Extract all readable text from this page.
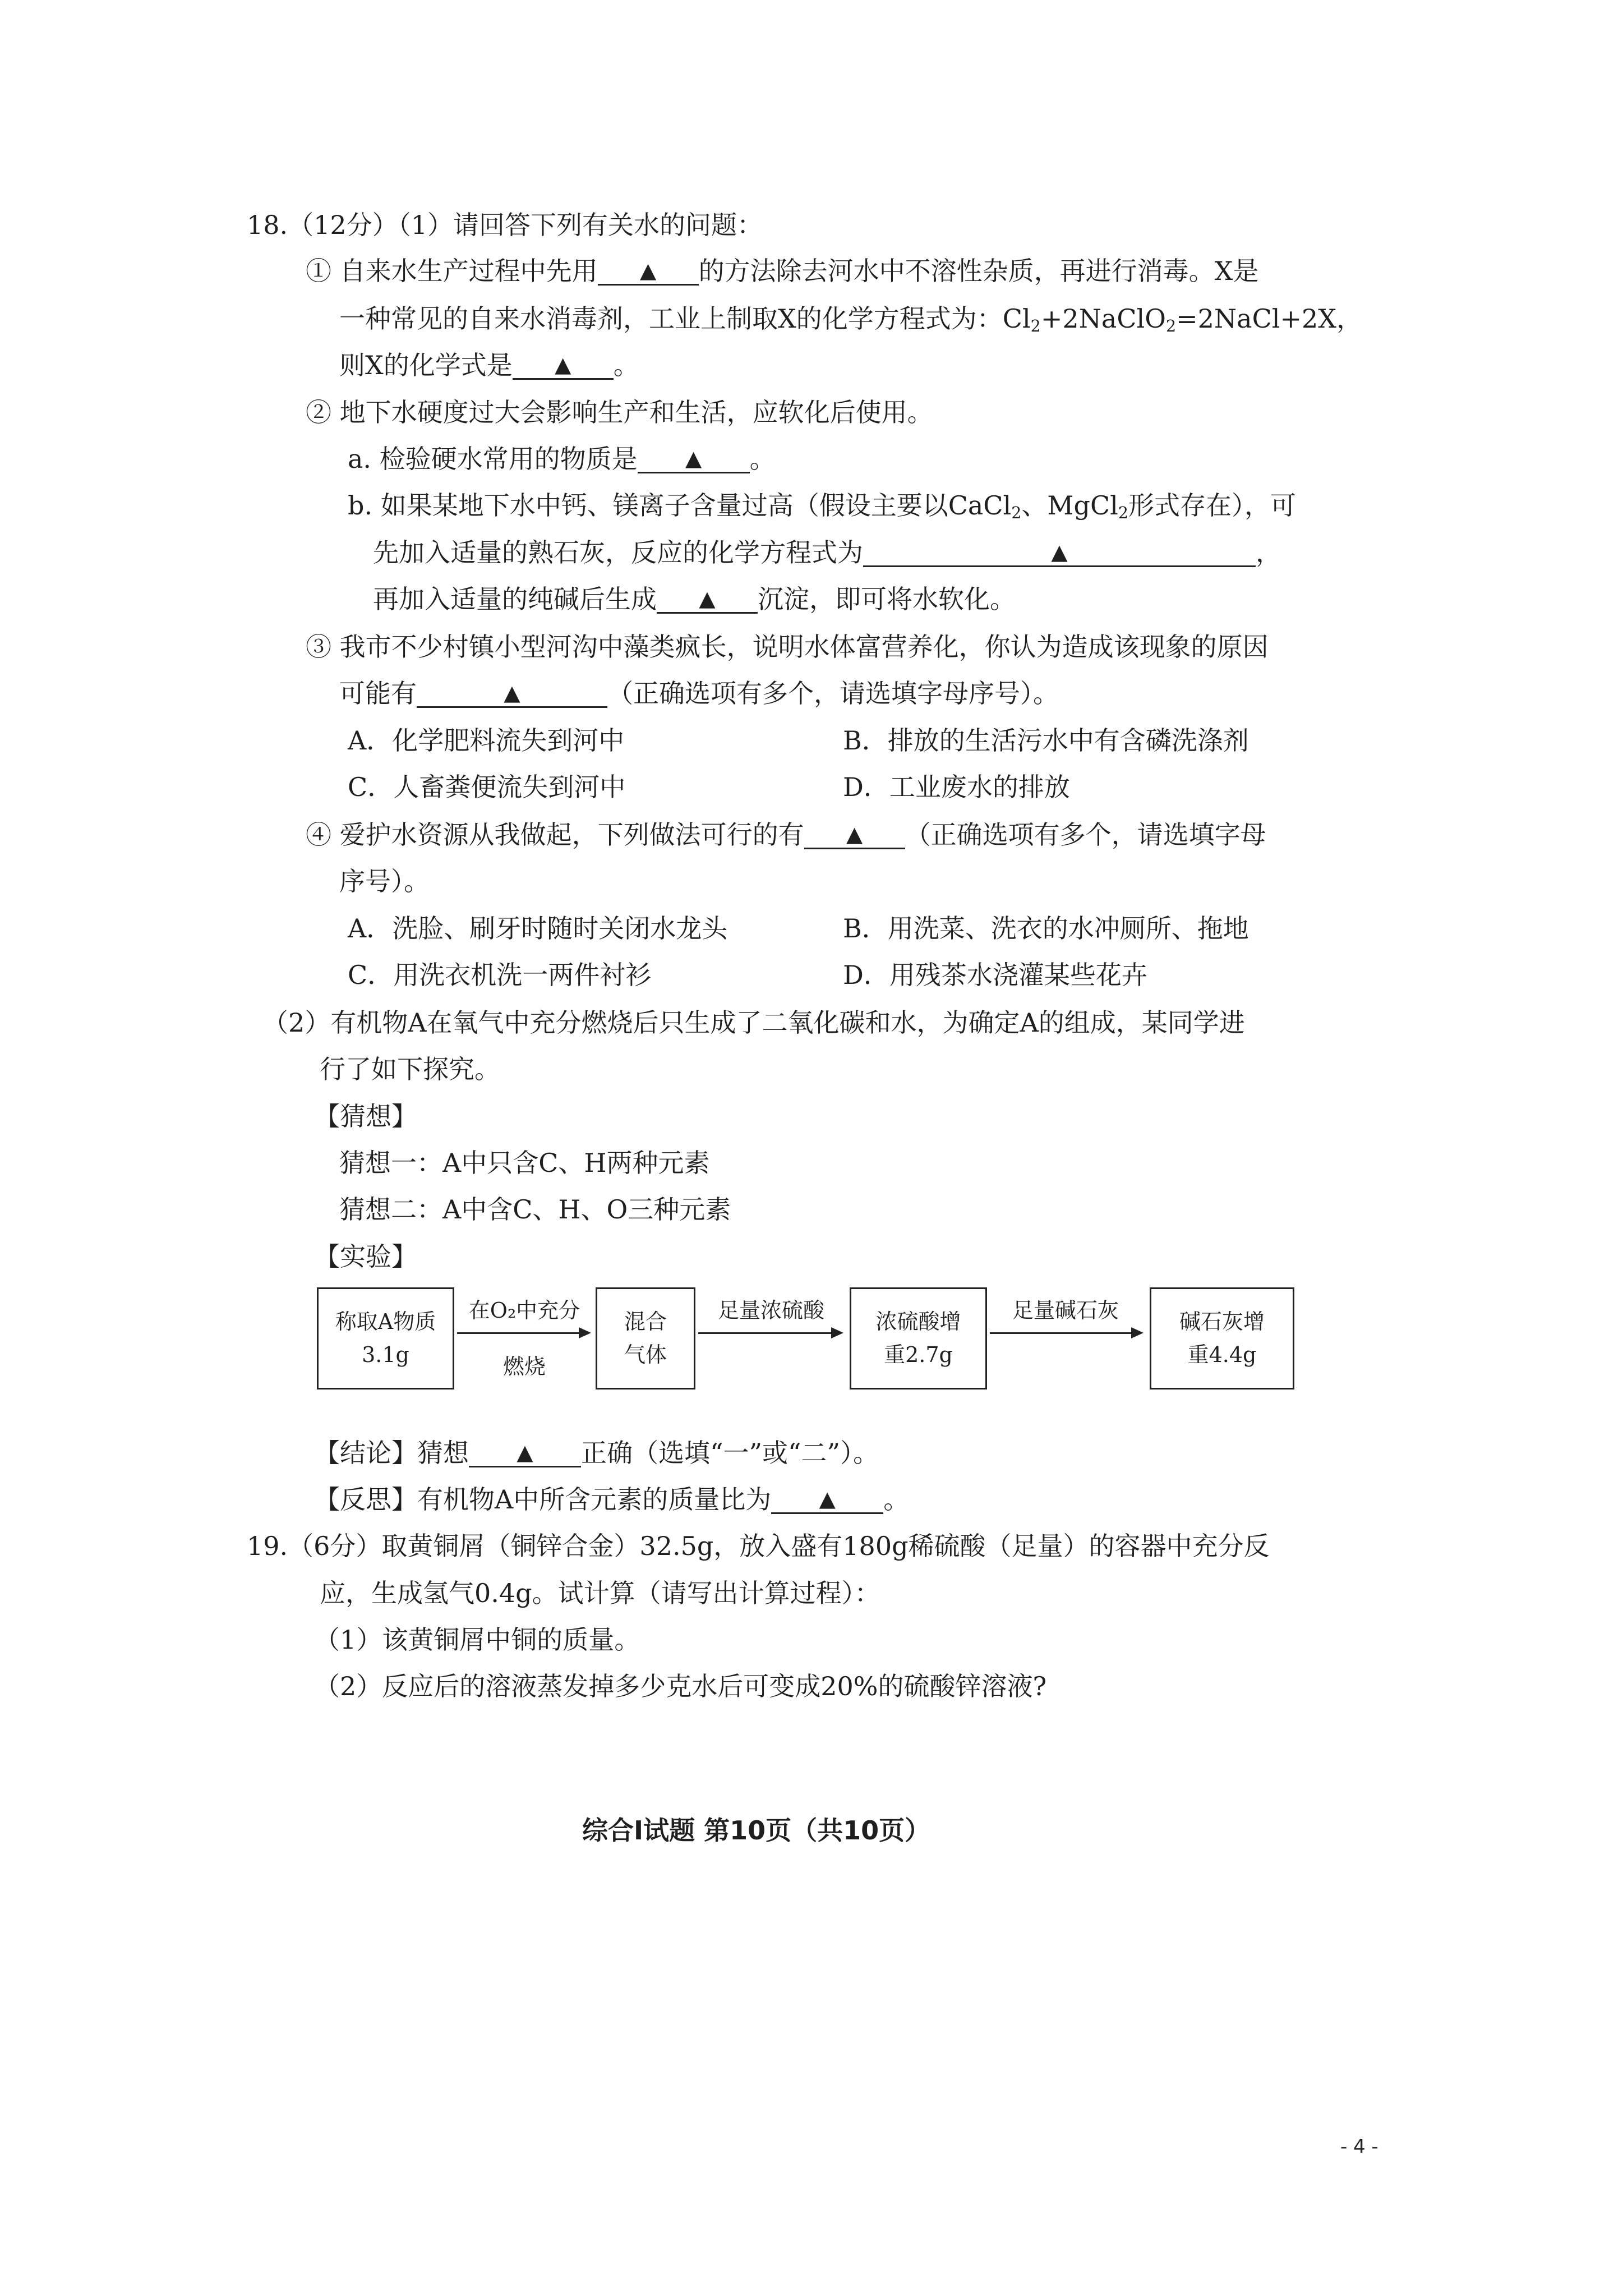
18.（12分）（1）请回答下列有关水的问题：
① 自来水生产过程中先用 ▲ 的方法除去河水中不溶性杂质，再进行消毒。X是
一种常见的自来水消毒剂，工业上制取X的化学方程式为：$Cl_2+2NaClO_2=2NaCl+2X$，
则X的化学式是 ▲ 。
② 地下水硬度过大会影响生产和生活，应软化后使用。
a. 检验硬水常用的物质是 ▲ 。
b. 如果某地下水中钙、镁离子含量过高（假设主要以CaCl$_2$、MgCl$_2$形式存在），可
先加入适量的熟石灰，反应的化学方程式为	▲	，
再加入适量的纯碱后生成 ▲ 沉淀，即可将水软化。
③ 我市不少村镇小型河沟中藻类疯长，说明水体富营养化，你认为造成该现象的原因
可能有	▲	（正确选项有多个，请选填字母序号）。
A．化学肥料流失到河中	B．排放的生活污水中有含磷洗涤剂
C．人畜粪便流失到河中	D．工业废水的排放
④ 爱护水资源从我做起，下列做法可行的有 ▲ （正确选项有多个，请选填字母
序号）。
A．洗脸、刷牙时随时关闭水龙头	B．用洗菜、洗衣的水冲厕所、拖地
C．用洗衣机洗一两件衬衫	D．用残茶水浇灌某些花卉
（2）有机物A在氧气中充分燃烧后只生成了二氧化碳和水，为确定A的组成，某同学进
行了如下探究。
【猜想】
猜想一：A中只含C、H两种元素
猜想二：A中含C、H、O三种元素
【实验】
称取A物质
3.1g
在O₂中充分
燃烧
混合
气体
足量浓硫酸	浓硫酸增
重2.7g
足量碱石灰	碱石灰增
重4.4g
【结论】猜想 ▲ 正确（选填“一”或“二”）。
【反思】有机物A中所含元素的质量比为 ▲ 。
19.（6分）取黄铜屑（铜锌合金）32.5g，放入盛有180g稀硫酸（足量）的容器中充分反
应，生成氢气0.4g。试计算（请写出计算过程）：
（1）该黄铜屑中铜的质量。
（2）反应后的溶液蒸发掉多少克水后可变成20%的硫酸锌溶液?
综合Ⅰ试题 第10页（共10页）
- 4 -
